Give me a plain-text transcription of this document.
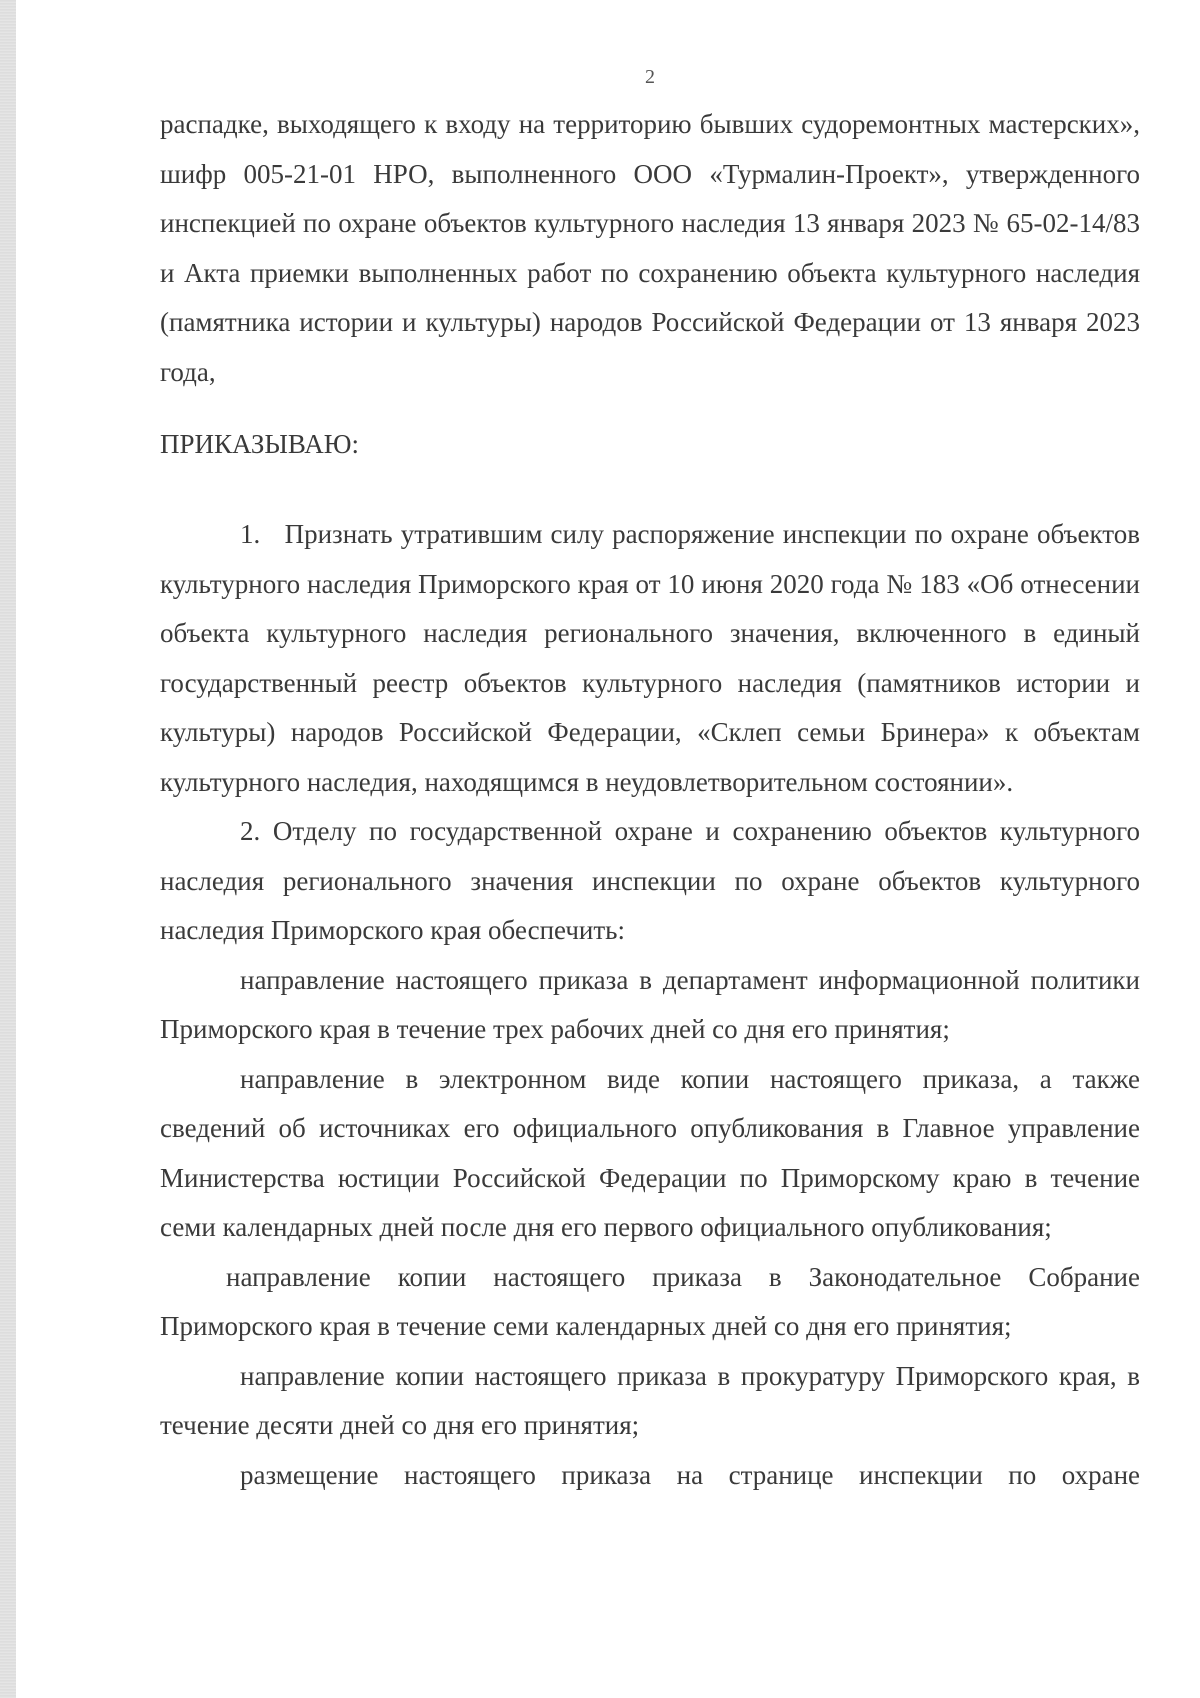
2

распадке, выходящего к входу на территорию бывших судоремонтных мастерских», шифр 005-21-01 НРО, выполненного ООО «Турмалин-Проект», утвержденного инспекцией по охране объектов культурного наследия 13 января 2023 № 65-02-14/83 и Акта приемки выполненных работ по сохранению объекта культурного наследия (памятника истории и культуры) народов Российской Федерации от 13 января 2023 года,

ПРИКАЗЫВАЮ:

1.   Признать утратившим силу распоряжение инспекции по охране объектов культурного наследия Приморского края от 10 июня 2020 года № 183 «Об отнесении объекта культурного наследия регионального значения, включенного в единый государственный реестр объектов культурного наследия (памятников истории и культуры) народов Российской Федерации, «Склеп семьи Бринера» к объектам культурного наследия, находящимся в неудовлетворительном состоянии».

2. Отделу по государственной охране и сохранению объектов культурного наследия регионального значения инспекции по охране объектов культурного наследия Приморского края обеспечить:

направление настоящего приказа в департамент информационной политики Приморского края в течение трех рабочих дней со дня его принятия;

направление в электронном виде копии настоящего приказа, а также сведений об источниках его официального опубликования в Главное управление Министерства юстиции Российской Федерации по Приморскому краю в течение семи календарных дней после дня его первого официального опубликования;

направление копии настоящего приказа в Законодательное Собрание Приморского края в течение семи календарных дней со дня его принятия;

направление копии настоящего приказа в прокуратуру Приморского края, в течение десяти дней со дня его принятия;

размещение настоящего приказа на странице инспекции по охране
